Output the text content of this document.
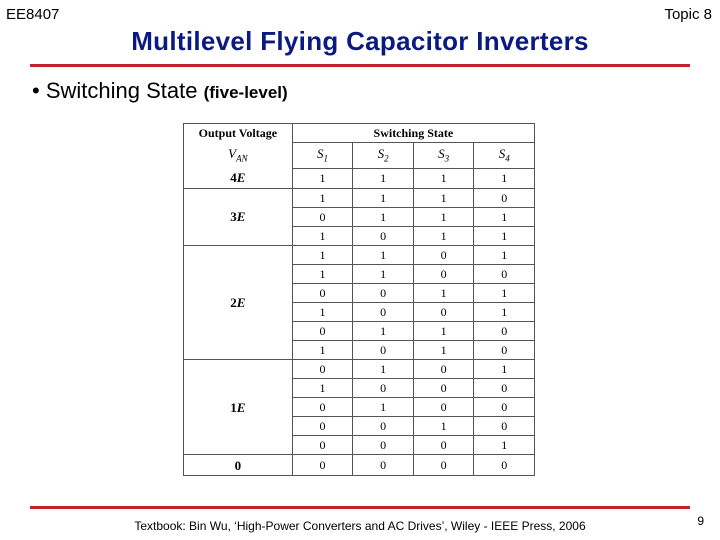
EE8407	Topic 8
Multilevel Flying Capacitor Inverters
• Switching State (five-level)
Output Voltage	Switching State			
$V_{AN}$	$S_1$	$S_2$	$S_3$	$S_4$
4E	1	1	1	1
3E	1	1	1	0
	0	1	1	1
	1	0	1	1
2E	1	1	0	1
	1	1	0	0
	0	0	1	1
	1	0	0	1
	0	1	1	0
	1	0	1	0
1E	0	1	0	1
	1	0	0	0
	0	1	0	0
	0	0	1	0
	0	0	0	1
0	0	0	0	0
Textbook: Bin Wu, ‘High-Power Converters and AC Drives’, Wiley - IEEE Press, 2006	9
